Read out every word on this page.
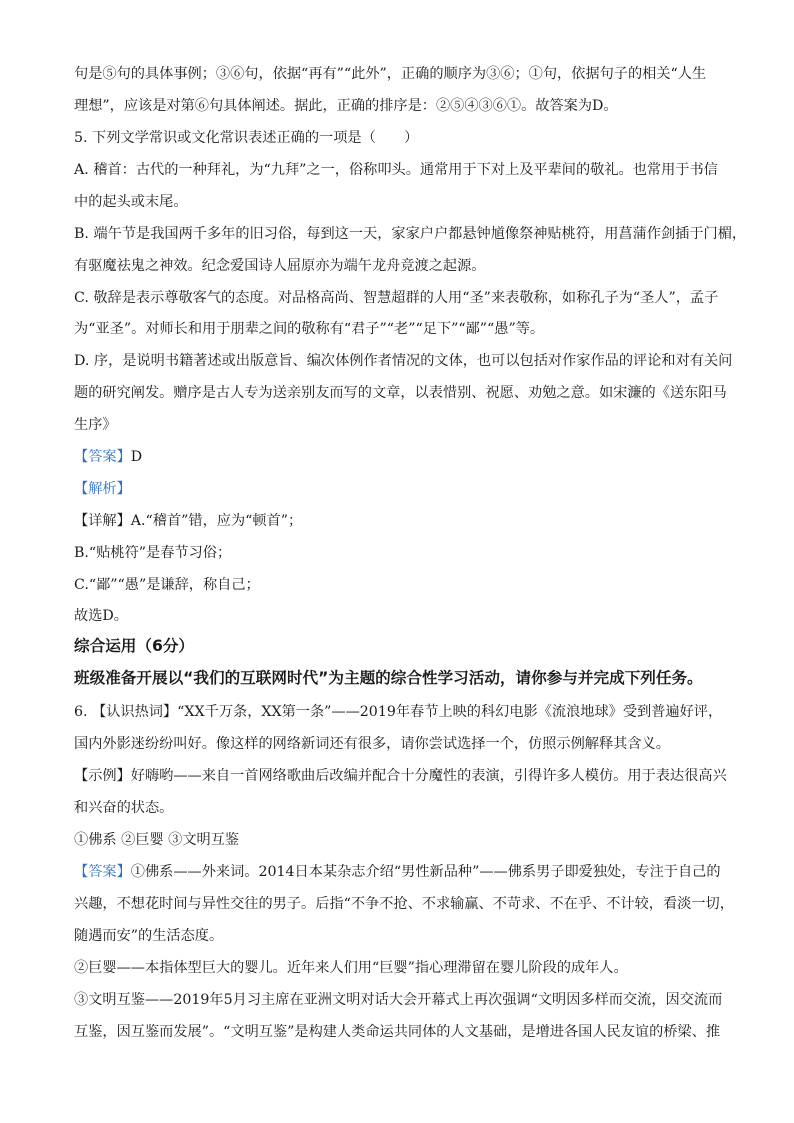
句是⑤句的具体事例；③⑥句，依据“再有”“此外”，正确的顺序为③⑥；①句，依据句子的相关“人生
理想”，应该是对第⑥句具体阐述。据此，正确的排序是：②⑤④③⑥①。故答案为D。
5. 下列文学常识或文化常识表述正确的一项是（　　）
A. 稽首：古代的一种拜礼，为“九拜”之一，俗称叩头。通常用于下对上及平辈间的敬礼。也常用于书信
中的起头或末尾。
B. 端午节是我国两千多年的旧习俗，每到这一天，家家户户都悬钟馗像祭神贴桃符，用菖蒲作剑插于门楣，
有驱魔祛鬼之神效。纪念爱国诗人屈原亦为端午龙舟竞渡之起源。
C. 敬辞是表示尊敬客气的态度。对品格高尚、智慧超群的人用“圣”来表敬称，如称孔子为“圣人”，孟子
为“亚圣”。对师长和用于朋辈之间的敬称有“君子”“老”“足下”“鄙”“愚”等。
D. 序，是说明书籍著述或出版意旨、编次体例作者情况的文体，也可以包括对作家作品的评论和对有关问
题的研究阐发。赠序是古人专为送亲别友而写的文章，以表惜别、祝愿、劝勉之意。如宋濂的《送东阳马
生序》
【答案】D
【解析】
【详解】A.“稽首”错，应为“顿首”；
B.“贴桃符”是春节习俗；
C.“鄙”“愚”是谦辞，称自己；
故选D。
综合运用（6分）
班级准备开展以“我们的互联网时代”为主题的综合性学习活动，请你参与并完成下列任务。
6. 【认识热词】“XX千万条，XX第一条”——2019年春节上映的科幻电影《流浪地球》受到普遍好评，
国内外影迷纷纷叫好。像这样的网络新词还有很多，请你尝试选择一个，仿照示例解释其含义。
【示例】好嗨哟——来自一首网络歌曲后改编并配合十分魔性的表演，引得许多人模仿。用于表达很高兴
和兴奋的状态。
①佛系 ②巨婴 ③文明互鉴
【答案】①佛系——外来词。2014日本某杂志介绍“男性新品种”——佛系男子即爱独处，专注于自己的
兴趣，不想花时间与异性交往的男子。后指“不争不抢、不求输赢、不苛求、不在乎、不计较，看淡一切，
随遇而安”的生活态度。
②巨婴——本指体型巨大的婴儿。近年来人们用“巨婴”指心理滞留在婴儿阶段的成年人。
③文明互鉴——2019年5月习主席在亚洲文明对话大会开幕式上再次强调“文明因多样而交流，因交流而
互鉴，因互鉴而发展”。“文明互鉴”是构建人类命运共同体的人文基础，是增进各国人民友谊的桥梁、推
